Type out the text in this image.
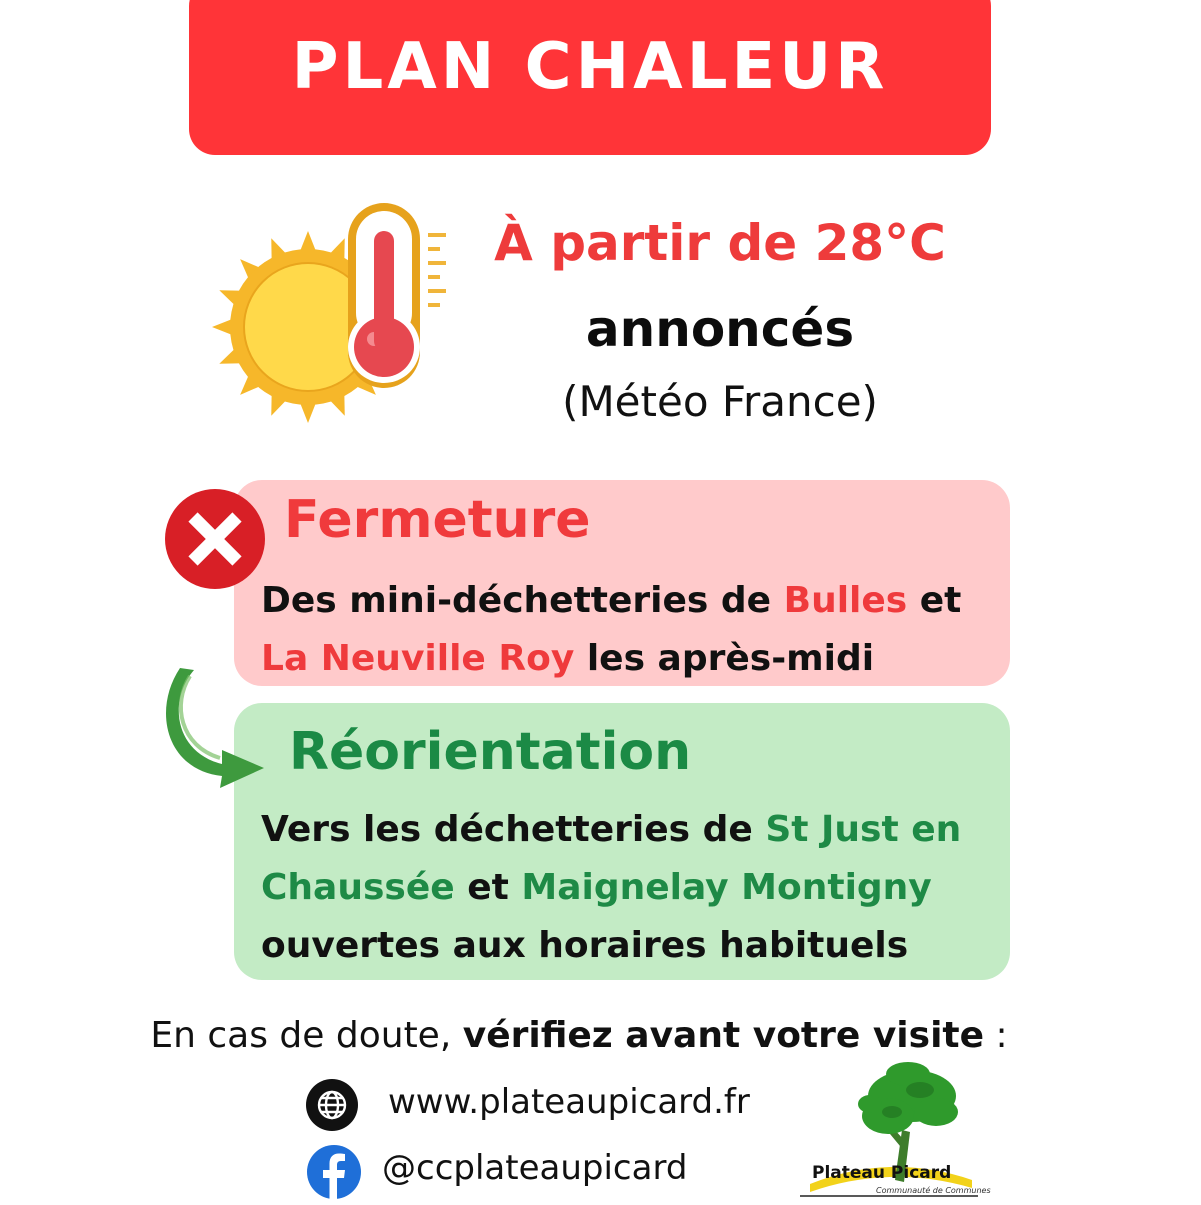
PLAN CHALEUR
À partir de 28°C
annoncés
(Météo France)
Fermeture
Des mini-déchetteries de Bulles et
La Neuville Roy les après-midi
Réorientation
Vers les déchetteries de St Just en Chaussée et Maignelay Montigny ouvertes aux horaires habituels
En cas de doute, vérifiez avant votre visite :
www.plateaupicard.fr
@ccplateaupicard	Plateau Picard
Communauté de Communes
